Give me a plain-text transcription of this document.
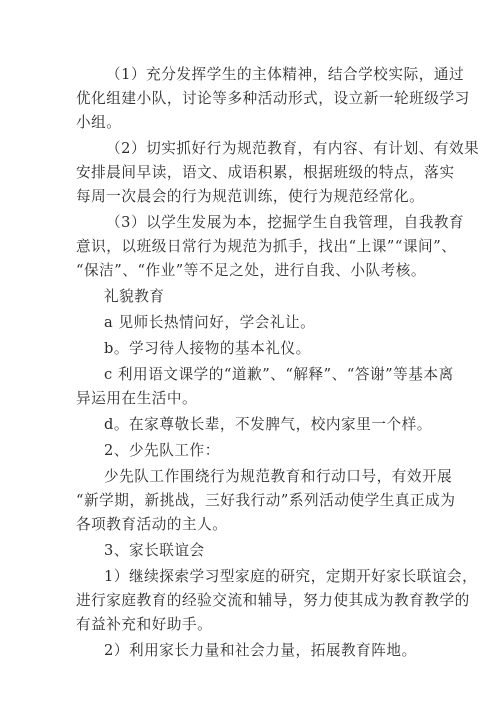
（1）充分发挥学生的主体精神，结合学校实际，通过
优化组建小队，讨论等多种活动形式，设立新一轮班级学习
小组。
（2）切实抓好行为规范教育，有内容、有计划、有效果
安排晨间早读，语文、成语积累，根据班级的特点，落实
每周一次晨会的行为规范训练，使行为规范经常化。
（3）以学生发展为本，挖掘学生自我管理，自我教育
意识，以班级日常行为规范为抓手，找出“上课”“课间”、
“保洁”、“作业”等不足之处，进行自我、小队考核。
礼貌教育
a 见师长热情问好，学会礼让。
b。学习待人接物的基本礼仪。
c 利用语文课学的“道歉”、“解释”、“答谢”等基本离
异运用在生活中。
d。在家尊敬长辈，不发脾气，校内家里一个样。
2、少先队工作：
少先队工作围绕行为规范教育和行动口号，有效开展
“新学期，新挑战，三好我行动”系列活动使学生真正成为
各项教育活动的主人。
3、家长联谊会
1）继续探索学习型家庭的研究，定期开好家长联谊会，
进行家庭教育的经验交流和辅导，努力使其成为教育教学的
有益补充和好助手。
2）利用家长力量和社会力量，拓展教育阵地。
